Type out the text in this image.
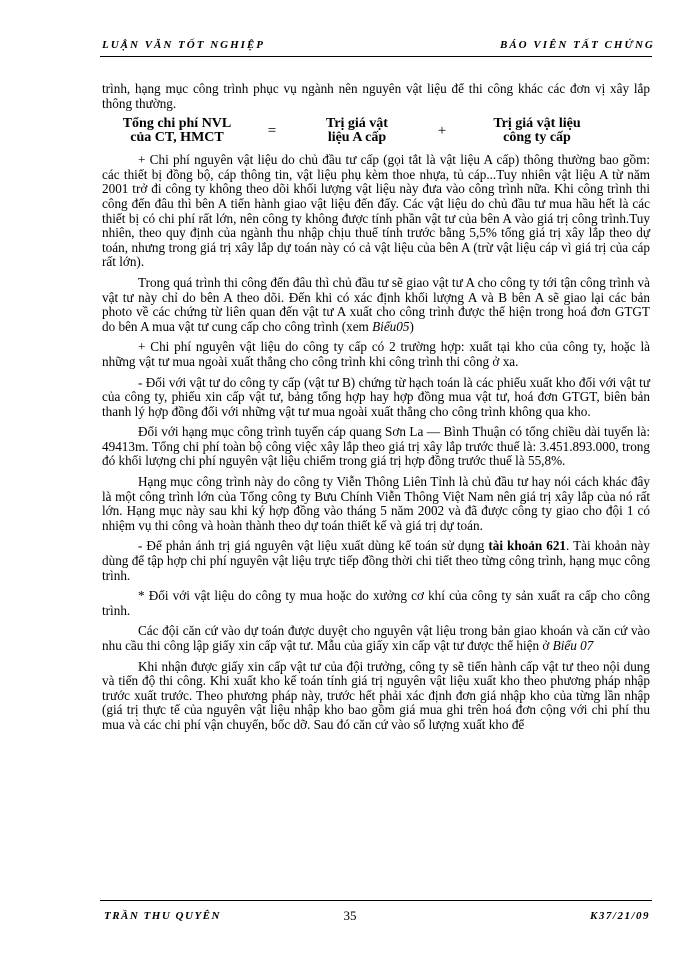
LUẬN VĂN TỐT NGHIỆP	BÁO VIÊN TẤT CHỨNG

trình, hạng mục công trình phục vụ ngành nên nguyên vật liệu để thi công khác các đơn vị xây lắp thông thường.

Tổng chi phí NVL
của CT, HMCT	=	Trị giá vật
liệu A cấp	+	Trị giá vật liệu
công ty cấp

+ Chi phí nguyên vật liệu do chủ đầu tư cấp (gọi tắt là vật liệu A cấp) thông thường bao gồm: các thiết bị đồng bộ, cáp thông tin, vật liệu phụ kèm thoe nhựa, tủ cáp...Tuy nhiên vật liệu A từ năm 2001 trở đi công ty không theo dõi khối lượng vật liệu này đưa vào công trình nữa. Khi công trình thi công đến đâu thì bên A tiến hành giao vật liệu đến đấy. Các vật liệu do chủ đầu tư mua hầu hết là các thiết bị có chi phí rất lớn, nên công ty không được tính phần vật tư của bên A vào giá trị công trình.Tuy nhiên, theo quy định của ngành thu nhập chịu thuế tính trước bằng 5,5% tổng giá trị xây lắp theo dự toán, nhưng trong giá trị xây lắp dự toán này có cả vật liệu của bên A (trừ vật liệu cáp vì giá trị của cáp rất lớn).

Trong quá trình thi công đến đâu thì chủ đầu tư sẽ giao vật tư A cho công ty tới tận công trình và vật tư này chỉ do bên A theo dõi. Đến khi có xác định khối lượng A và B bên A sẽ giao lại các bản photo về các chứng từ liên quan đến vật tư A xuất cho công trình được thể hiện trong hoá đơn GTGT do bên A mua vật tư cung cấp cho công trình (xem Biểu05)

+ Chi phí nguyên vật liệu do công ty cấp có 2 trường hợp: xuất tại kho của công ty, hoặc là những vật tư mua ngoài xuất thẳng cho công trình khi công trình thi công ở xa.

- Đối với vật tư do công ty cấp (vật tư B) chứng từ hạch toán là các phiếu xuất kho đối với vật tư của công ty, phiếu xin cấp vật tư, bảng tổng hợp hay hợp đồng mua vật tư, hoá đơn GTGT, biên bản thanh lý hợp đồng đối với những vật tư mua ngoài xuất thẳng cho công trình không qua kho.

Đối với hạng mục công trình tuyến cáp quang Sơn La — Bình Thuận có tổng chiều dài tuyến là: 49413m. Tổng chi phí toàn bộ công việc xây lắp theo giá trị xây lắp trước thuế là: 3.451.893.000, trong đó khối lượng chi phí nguyên vật liệu chiếm trong giá trị hợp đồng trước thuế là 55,8%.

Hạng mục công trình này do công ty Viễn Thông Liên Tỉnh là chủ đầu tư hay nói cách khác đây là một công trình lớn của Tổng công ty Bưu Chính Viễn Thông Việt Nam nên giá trị xây lắp của nó rất lớn. Hạng mục này sau khi ký hợp đồng vào tháng 5 năm 2002 và đã được công ty giao cho đội 1 có nhiệm vụ thi công và hoàn thành theo dự toán thiết kế và giá trị dự toán.

- Để phản ánh trị giá nguyên vật liệu xuất dùng kế toán sử dụng tài khoản 621. Tài khoản này dùng để tập hợp chi phí nguyên vật liệu trực tiếp đồng thời chi tiết theo từng công trình, hạng mục công trình.

* Đối với vật liệu do công ty mua hoặc do xưởng cơ khí của công ty sản xuất ra cấp cho công trình.

Các đội căn cứ vào dự toán được duyệt cho nguyên vật liệu trong bản giao khoán và căn cứ vào nhu cầu thi công lập giấy xin cấp vật tư. Mẫu của giấy xin cấp vật tư được thể hiện ở Biểu 07

Khi nhận được giấy xin cấp vật tư của đội trưởng, công ty sẽ tiến hành cấp vật tư theo nội dung và tiến độ thi công. Khi xuất kho kế toán tính giá trị nguyên vật liệu xuất kho theo phương pháp nhập trước xuất trước. Theo phương pháp này, trước hết phải xác định đơn giá nhập kho của từng lần nhập (giá trị thực tế của nguyên vật liệu nhập kho bao gồm giá mua ghi trên hoá đơn cộng với chi phí thu mua và các chi phí vận chuyển, bốc dỡ. Sau đó căn cứ vào số lượng xuất kho để

TRẦN THU QUYÊN	35	K37/21/09
